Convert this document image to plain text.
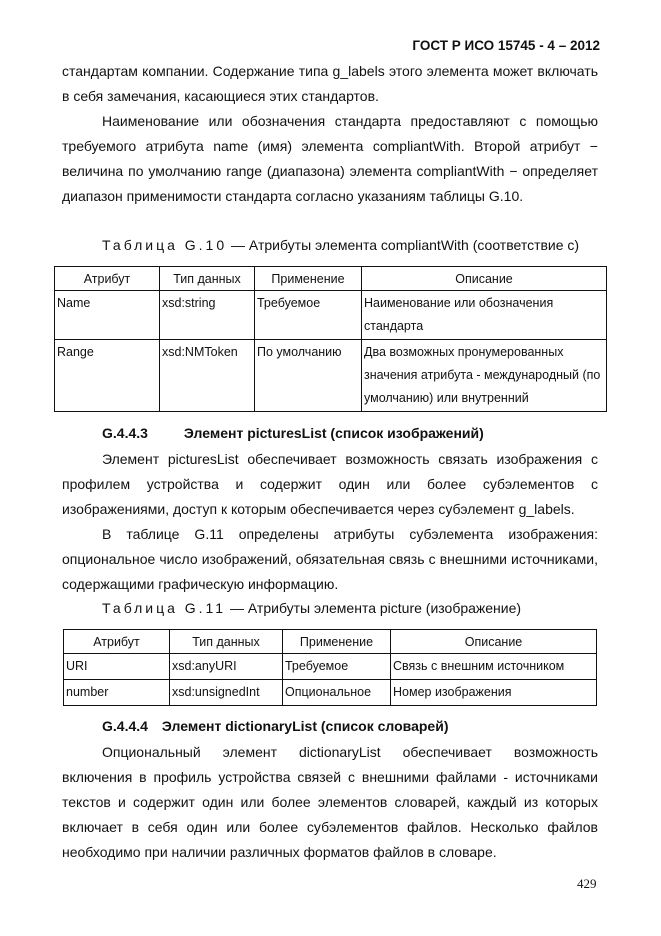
ГОСТ Р ИСО 15745 - 4 – 2012

стандартам компании. Содержание типа g_labels этого элемента может включать в себя замечания, касающиеся этих стандартов.

Наименование или обозначения стандарта предоставляют с помощью требуемого атрибута name (имя) элемента compliantWith. Второй атрибут − величина по умолчанию range (диапазона) элемента compliantWith − определяет диапазон применимости стандарта согласно указаниям таблицы G.10.

Таблица G.10 — Атрибуты элемента compliantWith (соответствие с)
Атрибут	Тип данных	Применение	Описание
Name	xsd:string	Требуемое	Наименование или обозначения стандарта
Range	xsd:NMToken	По умолчанию	Два возможных пронумерованных значения атрибута - международный (по умолчанию) или внутренний
G.4.4.3	Элемент picturesList (список изображений)

Элемент picturesList обеспечивает возможность связать изображения с профилем устройства и содержит один или более субэлементов с изображениями, доступ к которым обеспечивается через субэлемент g_labels.

В таблице G.11 определены атрибуты субэлемента изображения: опциональное число изображений, обязательная связь с внешними источниками, содержащими графическую информацию.

Таблица G.11 — Атрибуты элемента picture (изображение)
Атрибут	Тип данных	Применение	Описание
URI	xsd:anyURI	Требуемое	Связь с внешним источником
number	xsd:unsignedInt	Опциональное	Номер изображения
G.4.4.4 Элемент dictionaryList (список словарей)

Опциональный элемент dictionaryList обеспечивает возможность включения в профиль устройства связей с внешними файлами - источниками текстов и содержит один или более элементов словарей, каждый из которых включает в себя один или более субэлементов файлов. Несколько файлов необходимо при наличии различных форматов файлов в словаре.

429
